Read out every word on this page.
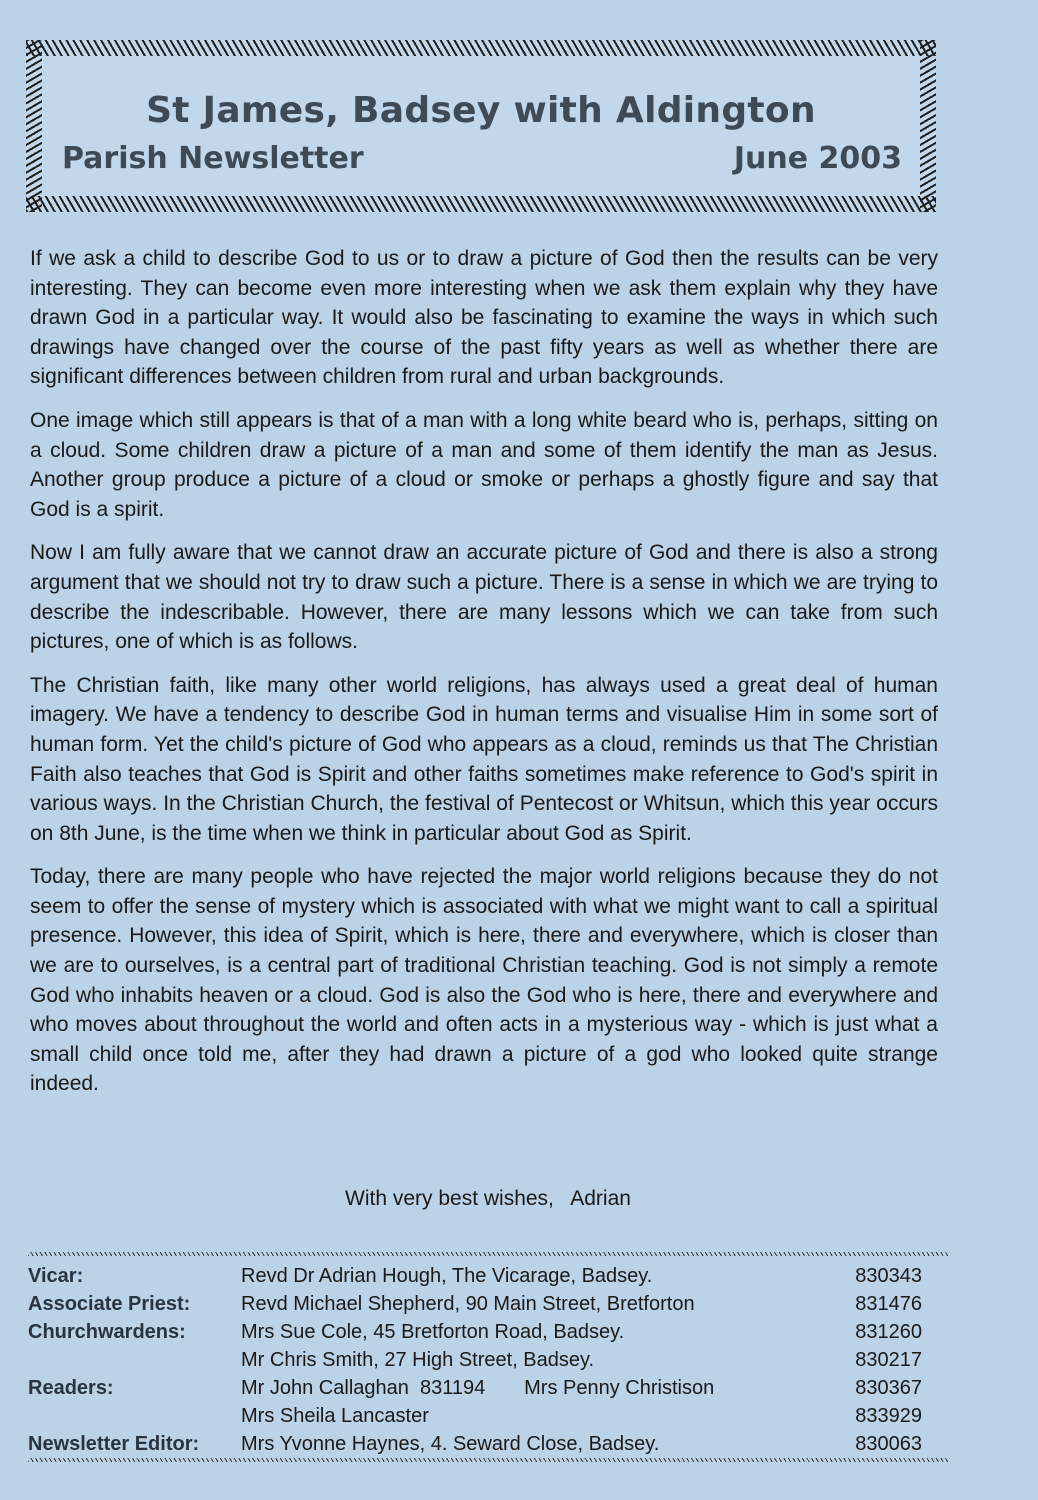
St James, Badsey with Aldington
Parish Newsletter	June 2003

If we ask a child to describe God to us or to draw a picture of God then the results can be very interesting. They can become even more interesting when we ask them explain why they have drawn God in a particular way. It would also be fascinating to examine the ways in which such drawings have changed over the course of the past fifty years as well as whether there are significant differences between children from rural and urban backgrounds.

One image which still appears is that of a man with a long white beard who is, perhaps, sitting on a cloud. Some children draw a picture of a man and some of them identify the man as Jesus. Another group produce a picture of a cloud or smoke or perhaps a ghostly figure and say that God is a spirit.

Now I am fully aware that we cannot draw an accurate picture of God and there is also a strong argument that we should not try to draw such a picture. There is a sense in which we are trying to describe the indescribable. However, there are many lessons which we can take from such pictures, one of which is as follows.

The Christian faith, like many other world religions, has always used a great deal of human imagery. We have a tendency to describe God in human terms and visualise Him in some sort of human form. Yet the child's picture of God who appears as a cloud, reminds us that The Christian Faith also teaches that God is Spirit and other faiths sometimes make reference to God's spirit in various ways. In the Christian Church, the festival of Pentecost or Whitsun, which this year occurs on 8th June, is the time when we think in particular about God as Spirit.

Today, there are many people who have rejected the major world religions because they do not seem to offer the sense of mystery which is associated with what we might want to call a spiritual presence. However, this idea of Spirit, which is here, there and everywhere, which is closer than we are to ourselves, is a central part of traditional Christian teaching. God is not simply a remote God who inhabits heaven or a cloud. God is also the God who is here, there and everywhere and who moves about throughout the world and often acts in a mysterious way - which is just what a small child once told me, after they had drawn a picture of a god who looked quite strange indeed.

With very best wishes,   Adrian
Vicar:	Revd Dr Adrian Hough, The Vicarage, Badsey.	830343
Associate Priest:	Revd Michael Shepherd, 90 Main Street, Bretforton	831476
Churchwardens:	Mrs Sue Cole, 45 Bretforton Road, Badsey.	831260
Mr Chris Smith, 27 High Street, Badsey.	830217
Readers:	Mr John Callaghan  831194       Mrs Penny Christison	830367
Mrs Sheila Lancaster	833929
Newsletter Editor: Mrs Yvonne Haynes, 4. Seward Close, Badsey.	830063
